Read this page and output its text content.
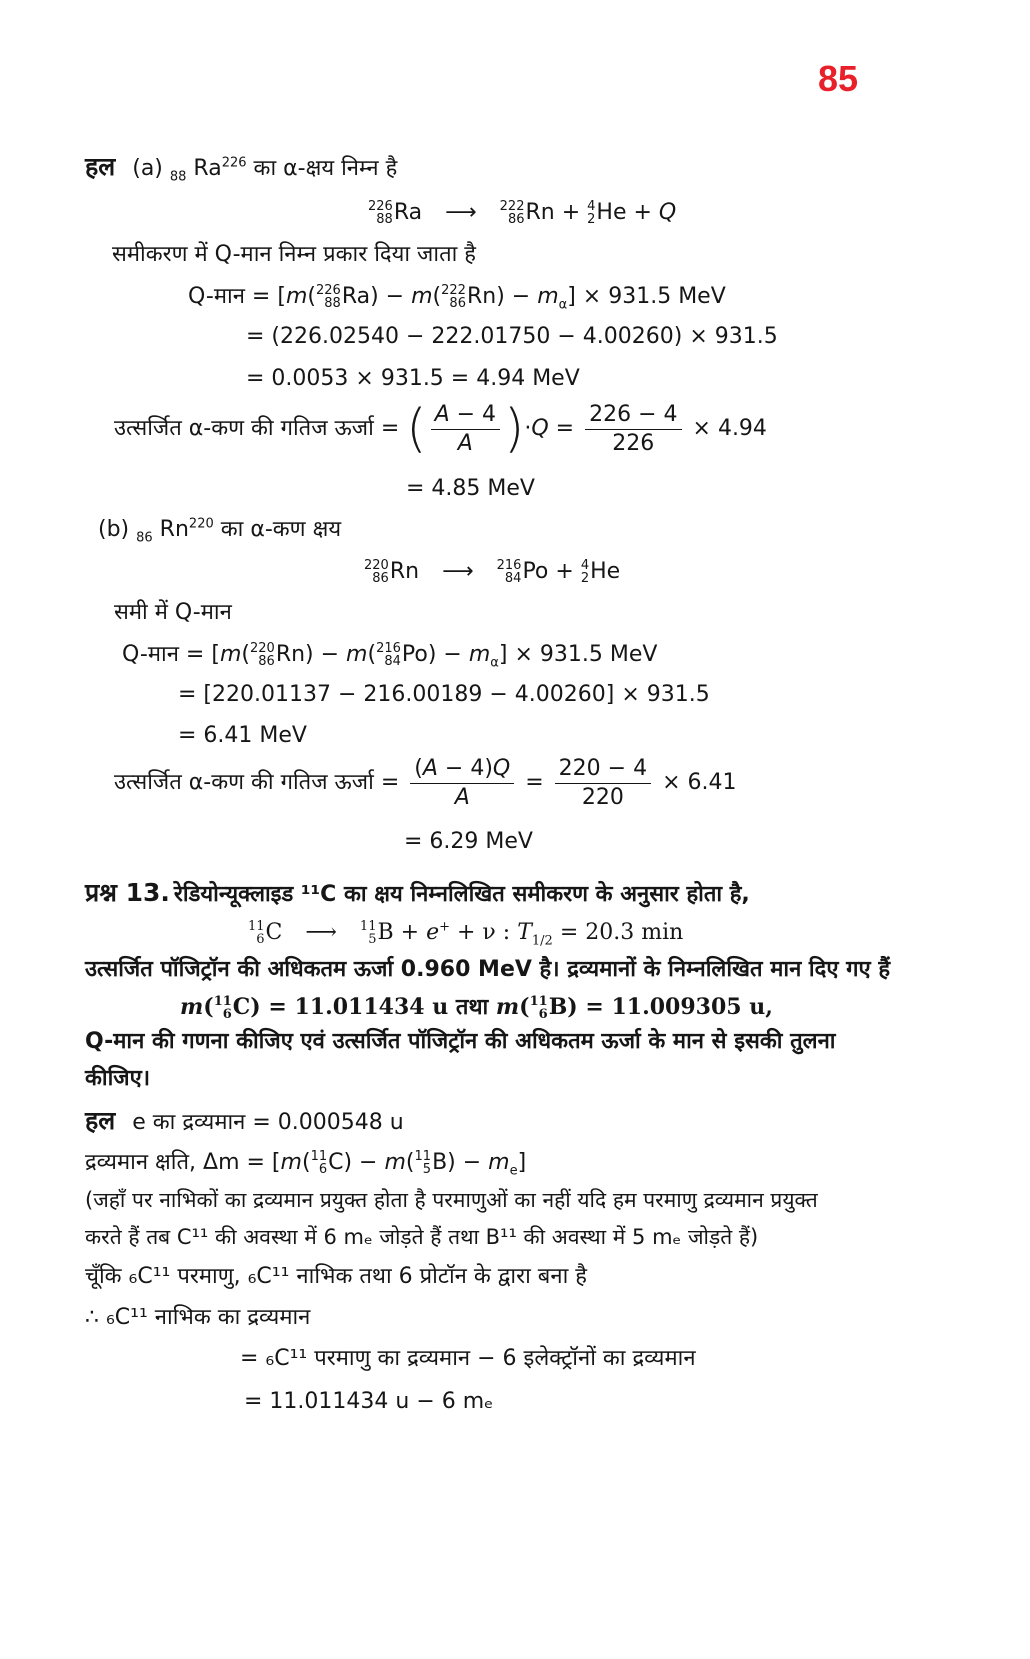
85
हल (a) $_{88}$ Ra$^{226}$ का α-क्षय निम्न है
226
88 Ra ⟶ 222
86 Rn + 4
2 He + Q
समीकरण में Q-मान निम्न प्रकार दिया जाता है
Q-मान = [m( 226
88 Ra) − m( 222
86 $Rn) - m_\alpha] \times 931.5$ MeV
= (226.02540 − 222.01750 − 4.00260) × 931.5
= 0.0053 × 931.5 = 4.94 MeV
उत्सर्जित α-कण की गतिज ऊर्जा = ( $\frac{A - 4}{A} )\cdot Q = \frac{226 - 4}{226} \times 4.94$
= 4.85 MeV
(b) $_{86}$ Rn$^{220}$ का α-कण क्षय
220
86 Rn ⟶ 216
84 Po + 4
2 He
समी में Q-मान
Q-मान = [m( 220
86 Rn) − m( 216
84 $Po) - m_\alpha] \times 931.5$ MeV
= [220.01137 − 216.00189 − 4.00260] × 931.5
= 6.41 MeV
उत्सर्जित α-कण की गतिज ऊर्जा = $\frac{(A - 4)Q}{A} = \frac{220 - 4}{220} \times 6.41$
= 6.29 MeV
प्रश्न 13. रेडियोन्यूक्लाइड ¹¹C का क्षय निम्नलिखित समीकरण के अनुसार होता है,
11
6 C ⟶ 11
5 B + e+ + ν : $T_{1/2} = 20.3$ min
उत्सर्जित पॉजिट्रॉन की अधिकतम ऊर्जा 0.960 MeV है। द्रव्यमानों के निम्नलिखित मान दिए गए हैं
m( 11
6 C) = 11.011434 u तथा m( 11
6 B) = 11.009305 u,
Q-मान की गणना कीजिए एवं उत्सर्जित पॉजिट्रॉन की अधिकतम ऊर्जा के मान से इसकी तुलना
कीजिए।
हल e का द्रव्यमान = 0.000548 u
द्रव्यमान क्षति, Δm = [m( 11
6 C) − m( 11
5 $B) - m_e$]
(जहाँ पर नाभिकों का द्रव्यमान प्रयुक्त होता है परमाणुओं का नहीं यदि हम परमाणु द्रव्यमान प्रयुक्त
करते हैं तब C¹¹ की अवस्था में 6 mₑ जोड़ते हैं तथा B¹¹ की अवस्था में 5 mₑ जोड़ते हैं)
चूँकि ₆C¹¹ परमाणु, ₆C¹¹ नाभिक तथा 6 प्रोटॉन के द्वारा बना है
∴ ₆C¹¹ नाभिक का द्रव्यमान
= ₆C¹¹ परमाणु का द्रव्यमान − 6 इलेक्ट्रॉनों का द्रव्यमान
= 11.011434 u − 6 mₑ
